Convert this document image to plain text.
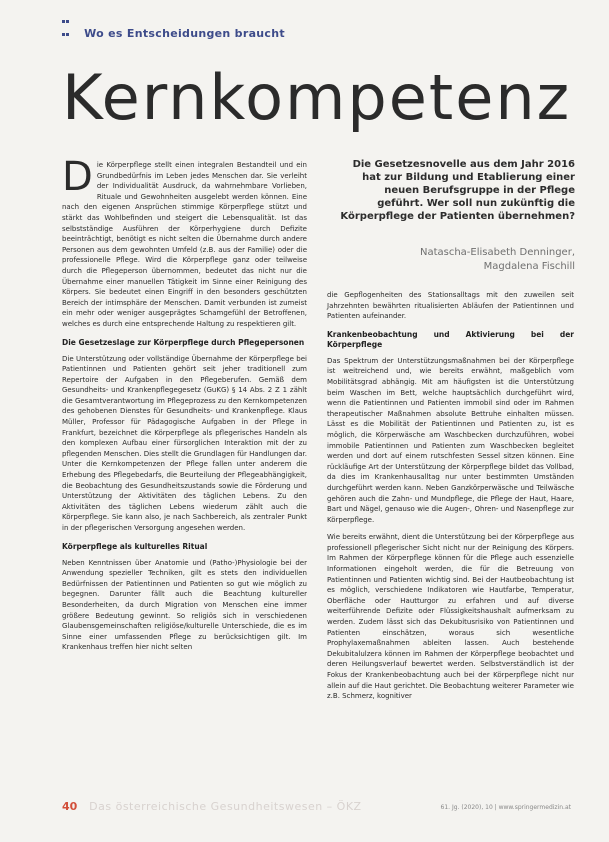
Wo es Entscheidungen braucht
Kernkompetenz
Die Gesetzesnovelle aus dem Jahr 2016 hat zur Bildung und Etablierung einer neuen Berufsgruppe in der Pflege geführt. Wer soll nun zukünftig die Körperpflege der Patienten übernehmen?
Natascha-Elisabeth Denninger,
Magdalena Fischill

D ie Körperpflege stellt einen integralen Bestandteil und ein Grundbedürfnis im Leben jedes Menschen dar. Sie verleiht der Individualität Ausdruck, da wahrnehmbare Vorlieben, Rituale und Gewohnheiten ausgelebt werden können. Eine nach den eigenen Ansprüchen stimmige Körperpflege stützt und stärkt das Wohlbefinden und steigert die Lebensqualität. Ist das selbstständige Ausführen der Körperhygiene durch Defizite beeinträchtigt, benötigt es nicht selten die Übernahme durch andere Personen aus dem gewohnten Umfeld (z.B. aus der Familie) oder die professionelle Pflege. Wird die Körperpflege ganz oder teilweise durch die Pflegeperson übernommen, bedeutet das nicht nur die Übernahme einer manuellen Tätigkeit im Sinne einer Reinigung des Körpers. Sie bedeutet einen Eingriff in den besonders geschützten Bereich der intimsphäre der Menschen. Damit verbunden ist zumeist ein mehr oder weniger ausgeprägtes Schamgefühl der Betroffenen, welches es durch eine entsprechende Haltung zu respektieren gilt.

Die Gesetzeslage zur Körperpflege durch Pflegepersonen

Die Unterstützung oder vollständige Übernahme der Körperpflege bei Patientinnen und Patienten gehört seit jeher traditionell zum Repertoire der Aufgaben in den Pflegeberufen. Gemäß dem Gesundheits- und Krankenpflegegesetz (GuKG) § 14 Abs. 2 Z 1 zählt die Gesamtverantwortung im Pflegeprozess zu den Kernkompetenzen des gehobenen Dienstes für Gesundheits- und Krankenpflege. Klaus Müller, Professor für Pädagogische Aufgaben in der Pflege in Frankfurt, bezeichnet die Körperpflege als pflegerisches Handeln als den komplexen Aufbau einer fürsorglichen Interaktion mit der zu pflegenden Menschen. Dies stellt die Grundlagen für Handlungen dar. Unter die Kernkompetenzen der Pflege fallen unter anderem die Erhebung des Pflegebedarfs, die Beurteilung der Pflegeabhängigkeit, die Beobachtung des Gesundheitszustands sowie die Förderung und Unterstützung der Aktivitäten des täglichen Lebens. Zu den Aktivitäten des täglichen Lebens wiederum zählt auch die Körperpflege. Sie kann also, je nach Sachbereich, als zentraler Punkt in der pflegerischen Versorgung angesehen werden.

Körperpflege als kulturelles Ritual

Neben Kenntnissen über Anatomie und (Patho-)Physiologie bei der Anwendung spezieller Techniken, gilt es stets den individuellen Bedürfnissen der Patientinnen und Patienten so gut wie möglich zu begegnen. Darunter fällt auch die Beachtung kultureller Besonderheiten, da durch Migration von Menschen eine immer größere Bedeutung gewinnt. So religiös sich in verschiedenen Glaubensgemeinschaften religiöse/kulturelle Unterschiede, die es im Sinne einer umfassenden Pflege zu berücksichtigen gilt. Im Krankenhaus treffen hier nicht selten

die Gepflogenheiten des Stationsalltags mit den zuweilen seit Jahrzehnten bewährten ritualisierten Abläufen der Patientinnen und Patienten aufeinander.

Krankenbeobachtung und Aktivierung bei der Körperpflege

Das Spektrum der Unterstützungsmaßnahmen bei der Körperpflege ist weitreichend und, wie bereits erwähnt, maßgeblich vom Mobilitätsgrad abhängig. Mit am häufigsten ist die Unterstützung beim Waschen im Bett, welche hauptsächlich durchgeführt wird, wenn die Patientinnen und Patienten immobil sind oder im Rahmen therapeutischer Maßnahmen absolute Bettruhe einhalten müssen. Lässt es die Mobilität der Patientinnen und Patienten zu, ist es möglich, die Körperwäsche am Waschbecken durchzuführen, wobei immobile Patientinnen und Patienten zum Waschbecken begleitet werden und dort auf einem rutschfesten Sessel sitzen können. Eine rückläufige Art der Unterstützung der Körperpflege bildet das Vollbad, da dies im Krankenhausalltag nur unter bestimmten Umständen durchgeführt werden kann. Neben Ganzkörperwäsche und Teilwäsche gehören auch die Zahn- und Mundpflege, die Pflege der Haut, Haare, Bart und Nägel, genauso wie die Augen-, Ohren- und Nasenpflege zur Körperpflege.

Wie bereits erwähnt, dient die Unterstützung bei der Körperpflege aus professionell pflegerischer Sicht nicht nur der Reinigung des Körpers. Im Rahmen der Körperpflege können für die Pflege auch essenzielle Informationen eingeholt werden, die für die Betreuung von Patientinnen und Patienten wichtig sind. Bei der Hautbeobachtung ist es möglich, verschiedene Indikatoren wie Hautfarbe, Temperatur, Oberfläche oder Hautturgor zu erfahren und auf diverse weiterführende Defizite oder Flüssigkeitshaushalt aufmerksam zu werden. Zudem lässt sich das Dekubitusrisiko von Patientinnen und Patienten einschätzen, woraus sich wesentliche Prophylaxemaßnahmen ableiten lassen. Auch bestehende Dekubitalulzera können im Rahmen der Körperpflege beobachtet und deren Heilungsverlauf bewertet werden. Selbstverständlich ist der Fokus der Krankenbeobachtung auch bei der Körperpflege nicht nur allein auf die Haut gerichtet. Die Beobachtung weiterer Parameter wie z.B. Schmerz, kognitiver

40 Das österreichische Gesundheitswesen – ÖKZ	61. Jg. (2020), 10 | www.springermedizin.at
